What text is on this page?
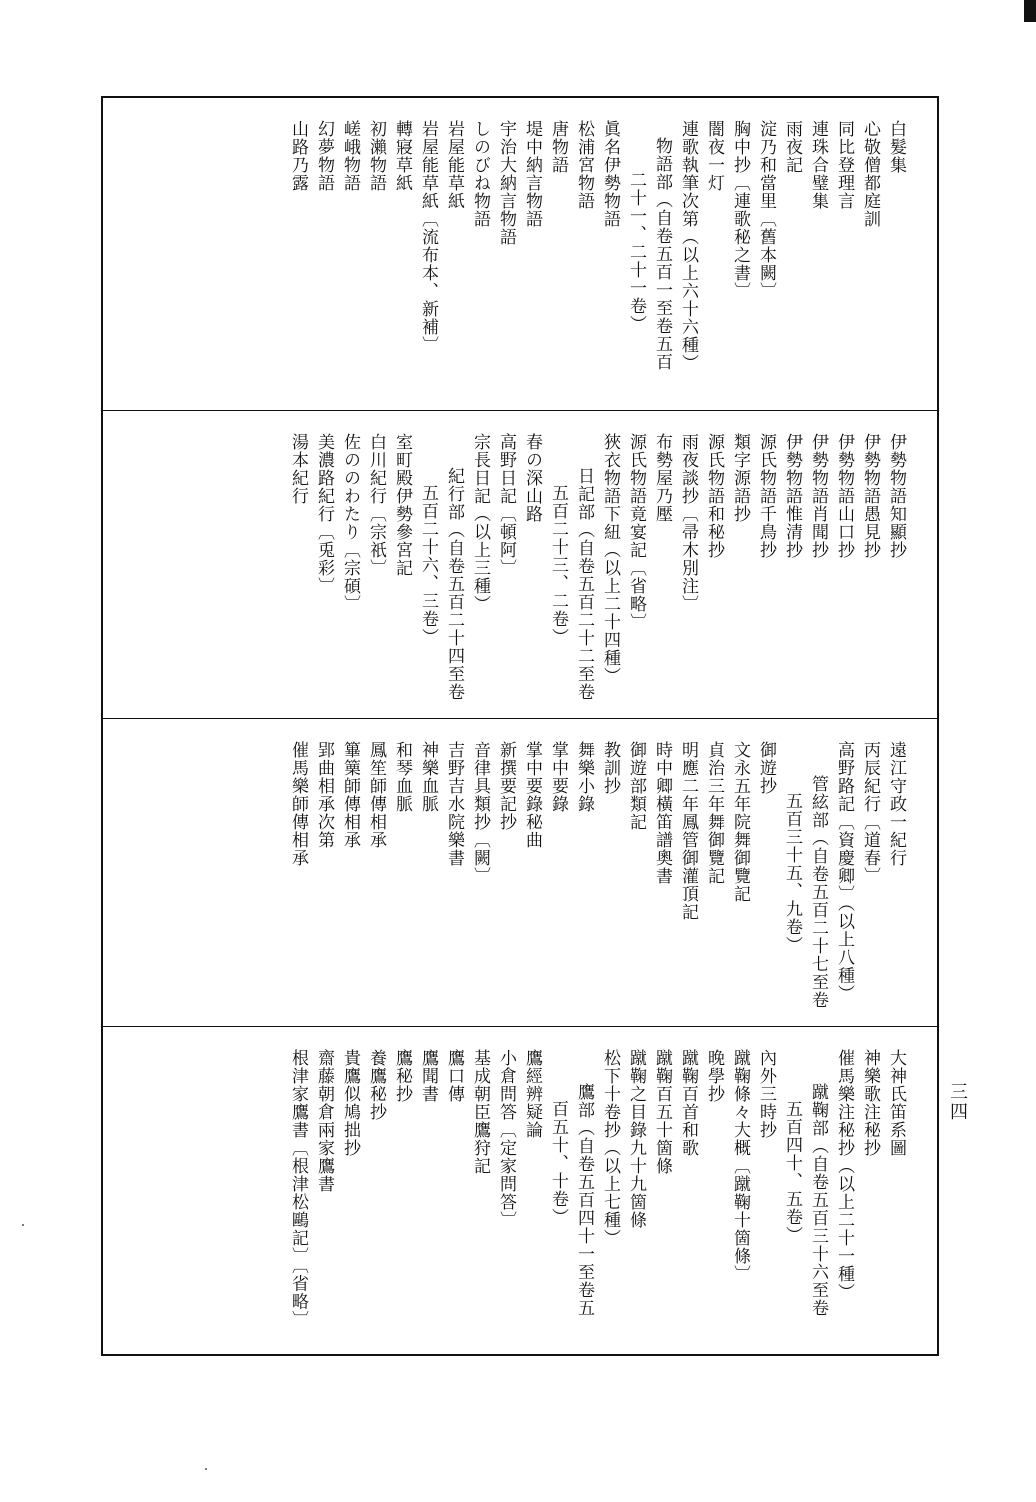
白髮集
心敬僧都庭訓
同比登理言
連珠合璧集
雨夜記
淀乃和當里〔舊本闕〕
胸中抄〔連歌秘之書〕
闇夜一灯
連歌執筆次第（以上六十六種）
物語部（自卷五百一至卷五百
二十一、二十一卷）
眞名伊勢物語
松浦宮物語
唐物語
堤中納言物語
宇治大納言物語
しのびね物語
岩屋能草紙
岩屋能草紙〔流布本、新補〕
轉寢草紙
初瀨物語
嵯峨物語
幻夢物語
山路乃露
伊勢物語知顯抄
伊勢物語愚見抄
伊勢物語山口抄
伊勢物語肖聞抄
伊勢物語惟清抄
源氏物語千鳥抄
類字源語抄
源氏物語和秘抄
雨夜談抄〔帚木別注〕
布勢屋乃壓
源氏物語竟宴記〔省略〕
狹衣物語下紐（以上二十四種）
日記部（自卷五百二十二至卷
五百二十三、二卷）
春の深山路
高野日記〔頓阿〕
宗長日記（以上三種）
紀行部（自卷五百二十四至卷
五百二十六、三卷）
室町殿伊勢參宮記
白川紀行〔宗祇〕
佐ののわたり〔宗碩〕
美濃路紀行〔兎彩〕
湯本紀行
遠江守政一紀行
丙辰紀行〔道春〕
高野路記〔資慶卿〕（以上八種）
管絃部（自卷五百二十七至卷
五百三十五、九卷）
御遊抄
文永五年院舞御覽記
貞治三年舞御覽記
明應二年鳳管御灌頂記
時中卿橫笛譜奧書
御遊部類記
教訓抄
舞樂小錄
掌中要錄
掌中要錄秘曲
新撰要記抄
音律具類抄〔闕〕
吉野吉水院樂書
神樂血脈
和琴血脈
鳳笙師傳相承
篳篥師傳相承
郢曲相承次第
催馬樂師傳相承
大神氏笛系圖
神樂歌注秘抄
催馬樂注秘抄（以上二十一種）
蹴鞠部（自卷五百三十六至卷
五百四十、五卷）
內外三時抄
蹴鞠條々大概〔蹴鞠十箇條〕
晚學抄
蹴鞠百首和歌
蹴鞠百五十箇條
蹴鞠之目錄九十九箇條
松下十卷抄（以上七種）
鷹部（自卷五百四十一至卷五
百五十、十卷）
鷹經辨疑論
小倉問答〔定家問答〕
基成朝臣鷹狩記
鷹口傳
鷹聞書
鷹秘抄
養鷹秘抄
貴鷹似鳩拙抄
齋藤朝倉兩家鷹書
根津家鷹書〔根津松鷗記〕〔省略〕	三四
